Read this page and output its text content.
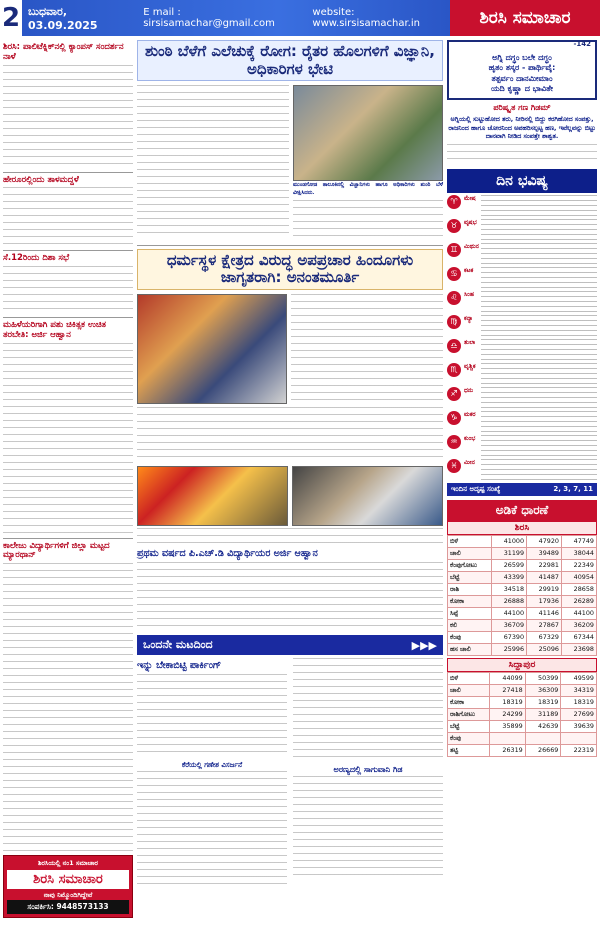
2 ಬುಧವಾರ, 03.09.2025
E mail : sirsisamachar@gmail.com
website: www.sirsisamachar.in	ಶಿರಸಿ ಸಮಾಚಾರ
ಶಿರಸಿ: ಪಾಲಿಟೆಕ್ನಿಕ್‌ನಲ್ಲಿ ಕ್ಯಾಂಪಸ್ ಸಂದರ್ಶನ ನಾಳೆ
ಹೇರೂರಲ್ಲಿಂದು ತಾಳಮದ್ದಳೆ
ಸೆ.12ರಿಂದು ದಿಶಾ ಸಭೆ
ಮಹಿಳೆಯರಿಗಾಗಿ ಪಶು ಚಿಕಿತ್ಸಕ ಉಚಿತ ತರಬೇತಿ: ಅರ್ಜಿ ಆಹ್ವಾನ
ಕಾಲೇಜು ವಿದ್ಯಾರ್ಥಿಗಳಿಗೆ ಜಿಲ್ಲಾ ಮಟ್ಟದ ಮ್ಯಾರಥಾನ್
ಶಿರಸಿಯಲ್ಲಿ ನಂ1 ಸಮಾಚಾರ
ಶಿರಸಿ ಸಮಾಚಾರ
ನಾವು ನಿಮ್ಮೊಂದಿಗಿದ್ದೇವೆ
ಸಂಪರ್ಕಿಸಿ: 9448573133
ಶುಂಠಿ ಬೆಳೆಗೆ ಎಲೆಚುಕ್ಕೆ ರೋಗ: ರೈತರ ಹೊಲಗಳಿಗೆ ವಿಜ್ಞಾನಿ, ಅಧಿಕಾರಿಗಳ ಭೇಟಿ
ಮುಂಡಗೋಡ ತಾಲೂಕಿನಲ್ಲಿ ವಿಜ್ಞಾನಿಗಳು ಹಾಗೂ ಅಧಿಕಾರಿಗಳು ಶುಂಠಿ ಬೆಳೆ ವೀಕ್ಷಿಸಿದರು.
ಧರ್ಮಸ್ಥಳ ಕ್ಷೇತ್ರದ ವಿರುದ್ಧ ಅಪಪ್ರಚಾರ ಹಿಂದೂಗಳು ಜಾಗೃತರಾಗಿ: ಅನಂತಮೂರ್ತಿ
ಪ್ರಥಮ ವರ್ಷದ ಪಿ.ಎಚ್.ಡಿ ವಿದ್ಯಾರ್ಥಿಯರ ಅರ್ಜಿ ಆಹ್ವಾನ
ಒಂದನೇ ಮಟದಿಂದ	▶▶▶
ಇನ್ನು ಬೇಕಾಬಿಟ್ಟಿ ಪಾರ್ಕಿಂಗ್
ಕೆರೆಯಲ್ಲಿ ಗಣೇಶ ವಿಸರ್ಜನೆ
ಅರಣ್ಯದಲ್ಲಿ ಸಾಗುವಾನಿ ಗಿಡ
-142
ಅಗ್ನಿ ದಗ್ಧಂ ಬಲೇ ದಗ್ಧಂ
ಹೃತಂ ತಸ್ಕರ - ಪಾರ್ಥಿವೈ:
ತತ್ಪರ್ವಂ ದಾನಮೀಮಾಂ
ಯದಿ ಕೃಷ್ಣಾ ದ ಭಾವಿತೇ
ಪರಿಷ್ಕೃತ ಗಣ ಗಿಡಮ್
ಅಗ್ನಿಯಲ್ಲಿ ಸುಟ್ಟುಹೋದ ತರು, ನೀರಿನಲ್ಲಿ ಬಿದ್ದು ಕರಗಿಹೋದ ಸಂಪತ್ತು, ರಾಜನಿಂದ ಹಾಗೂ ಚೋರನಿಂದ ಅಪಹರಿಸಲ್ಪಟ್ಟ ಹಣ, ಇವೆಲ್ಲವನ್ನು ಬಿಟ್ಟು ದಾನವಾಗಿ ನೀಡಿದ ಸಂಪತ್ತೇ ಶಾಶ್ವತ.
ದಿನ ಭವಿಷ್ಯ
♈	ಮೇಷ
♉	ವೃಷಭ
♊	ಮಿಥುನ
♋	ಕಟಕ
♌	ಸಿಂಹ
♍	ಕನ್ಯಾ
♎	ತುಲಾ
♏	ವೃಶ್ಚಿಕ
♐	ಧನು
♑	ಮಕರ
♒	ಕುಂಭ
♓	ಮೀನ
ಇಂದಿನ ಅದೃಷ್ಟ ಸಂಖ್ಯೆ	2, 3, 7, 11
ಅಡಿಕೆ ಧಾರಣೆ
ಶಿರಸಿ
ಬಿಳೆ	41000	47920	47749
ಚಾಲಿ	31199	39489	38044
ಕೆಂಪುಗೋಟು	26599	22981	22349
ಬೆಟ್ಟೆ	43399	41487	40954
ರಾಶಿ	34518	29919	28658
ಕೋಕಾ	26888	17936	26289
ಸಿಪ್ಪೆ	44100	41146	44100
ಕಲಿ	36709	27867	36209
ಕೆಂಪು	67390	67329	67344
ಹಸ ಚಾಲಿ	25996	25096	23698
ಸಿದ್ದಾಪುರ
ಬಿಳೆ	44099	50399	49599
ಚಾಲಿ	27418	36309	34319
ಕೋಕಾ	18319	18319	18319
ರಾಶಿಗೋಟು	24299	31189	27699
ಬೆಟ್ಟೆ	35899	42639	39639
ಕೆಂಪು			
ತಟ್ಟಿ	26319	26669	22319
